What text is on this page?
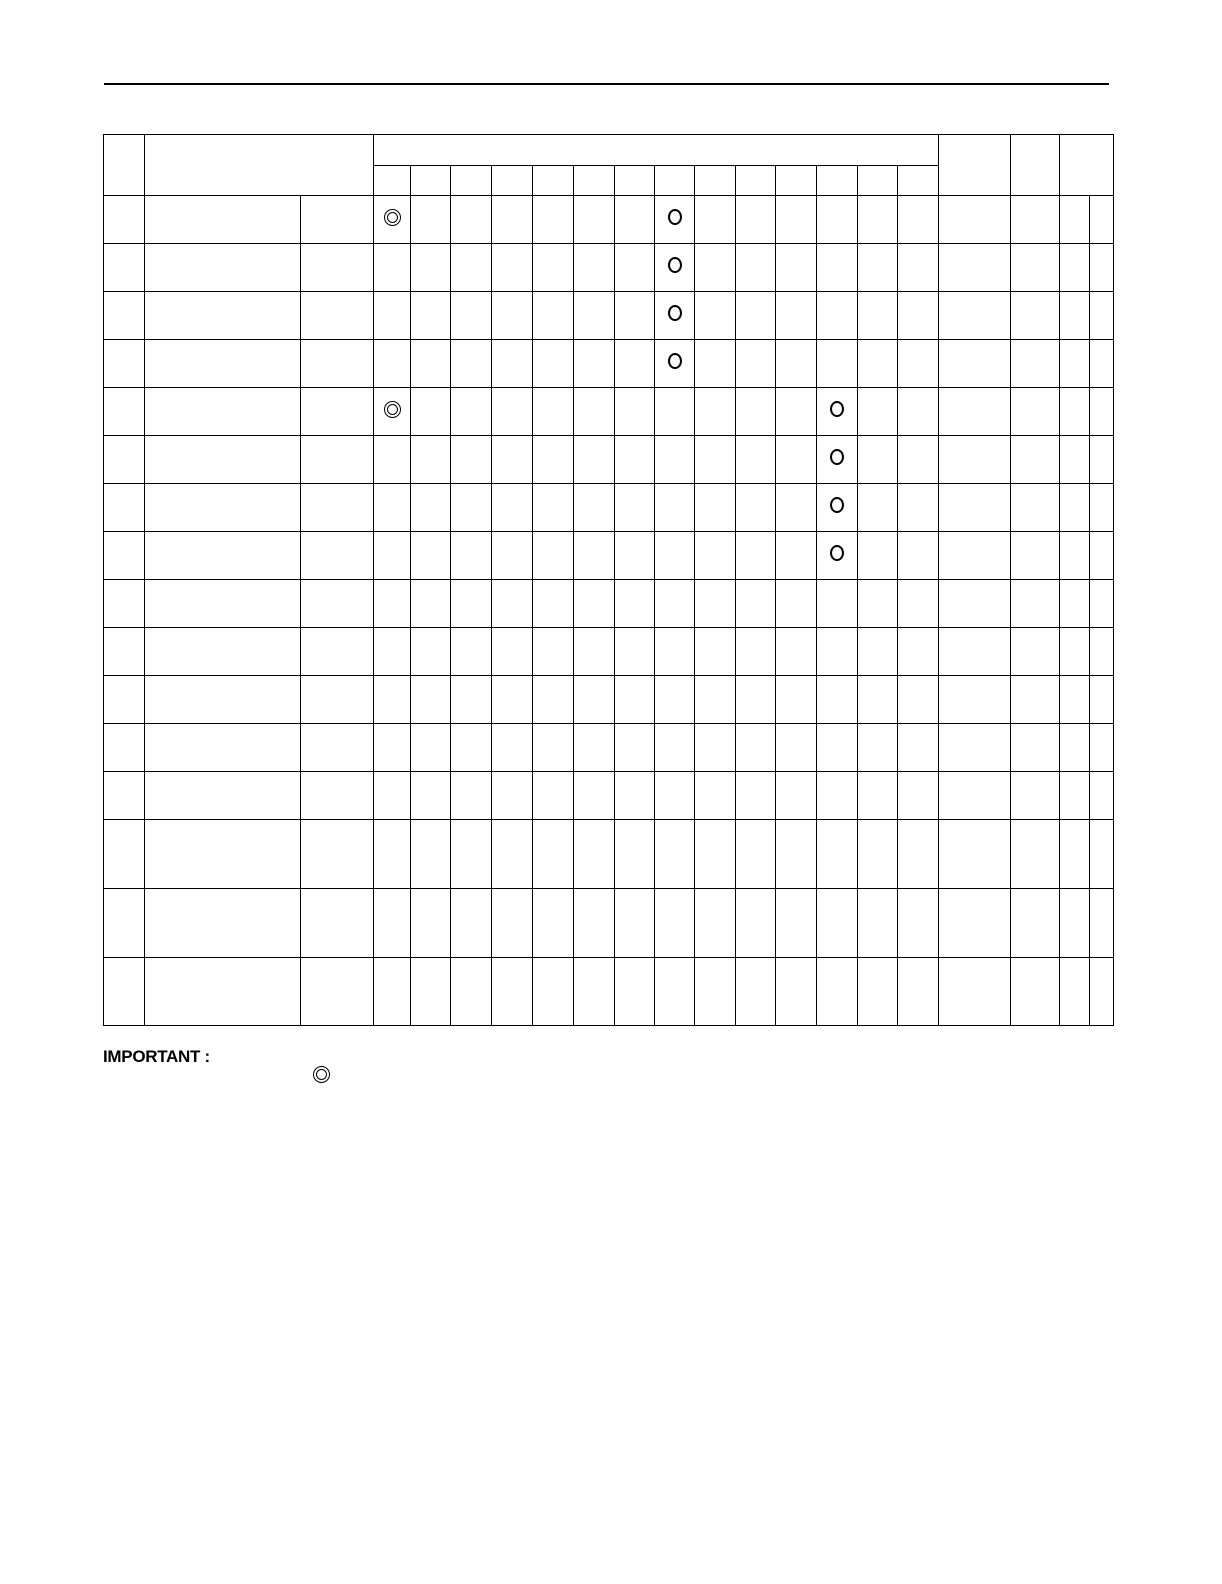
IMPORTANT :
